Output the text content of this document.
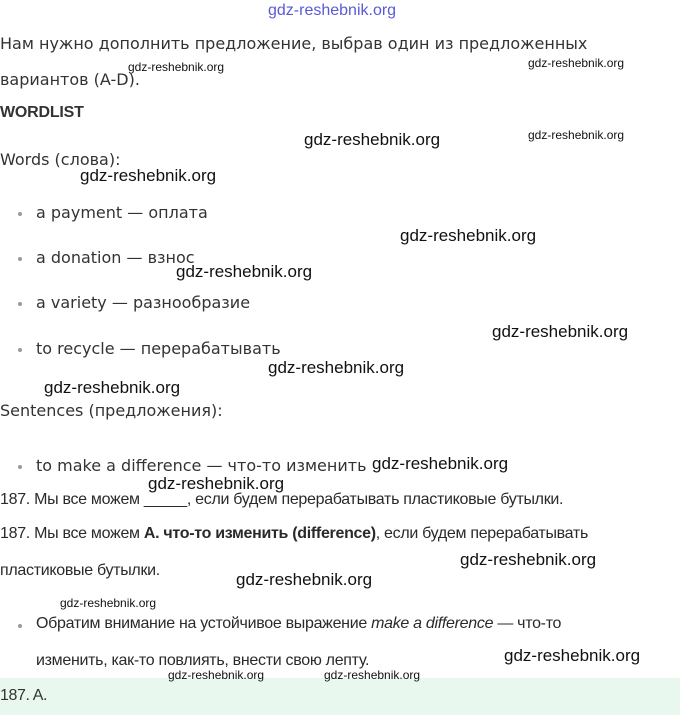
Нам нужно дополнить предложение, выбрав один из предложенных
вариантов (A-D).
WORDLIST
Words (слова):
a payment — оплата
a donation — взнос
a variety — разнообразие
to recycle — перерабатывать
Sentences (предложения):
to make a difference — что-то изменить
187. Мы все можем _____, если будем перерабатывать пластиковые бутылки.
187. Мы все можем A. что-то изменить (difference), если будем перерабатывать
пластиковые бутылки.
Обратим внимание на устойчивое выражение make a difference — что-то
изменить, как-то повлиять, внести свою лепту.
187. A.
gdz-reshebnik.org
gdz-reshebnik.org	gdz-reshebnik.org
gdz-reshebnik.org	gdz-reshebnik.org
gdz-reshebnik.org
gdz-reshebnik.org
gdz-reshebnik.org
gdz-reshebnik.org
gdz-reshebnik.org
gdz-reshebnik.org
gdz-reshebnik.org
gdz-reshebnik.org
gdz-reshebnik.org
gdz-reshebnik.org
gdz-reshebnik.org
gdz-reshebnik.org
gdz-reshebnik.org	gdz-reshebnik.org
